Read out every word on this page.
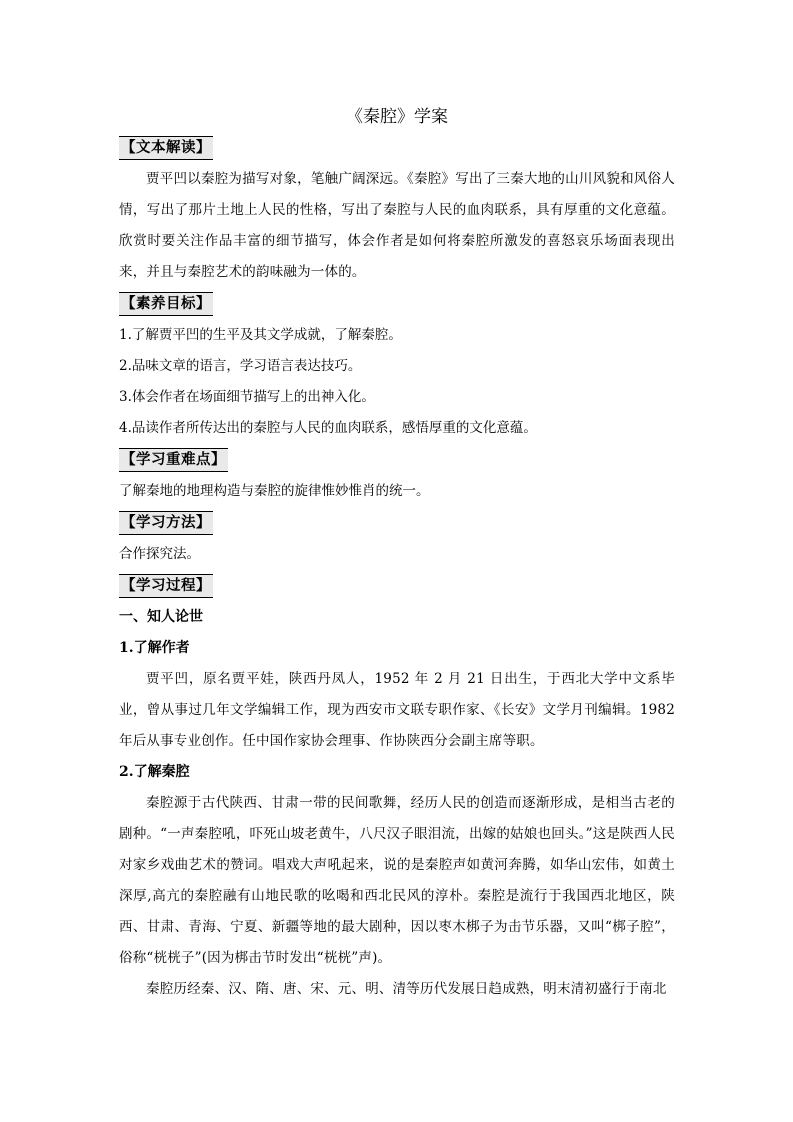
《秦腔》学案
【文本解读】

贾平凹以秦腔为描写对象，笔触广阔深远。《秦腔》写出了三秦大地的山川风貌和风俗人情，写出了那片土地上人民的性格，写出了秦腔与人民的血肉联系，具有厚重的文化意蕴。欣赏时要关注作品丰富的细节描写，体会作者是如何将秦腔所激发的喜怒哀乐场面表现出来，并且与秦腔艺术的韵味融为一体的。

【素养目标】

1.了解贾平凹的生平及其文学成就，了解秦腔。

2.品味文章的语言，学习语言表达技巧。

3.体会作者在场面细节描写上的出神入化。

4.品读作者所传达出的秦腔与人民的血肉联系，感悟厚重的文化意蕴。

【学习重难点】

了解秦地的地理构造与秦腔的旋律惟妙惟肖的统一。

【学习方法】

合作探究法。

【学习过程】

一、知人论世

1.了解作者

贾平凹，原名贾平娃，陕西丹凤人，1952 年 2 月 21 日出生，于西北大学中文系毕业，曾从事过几年文学编辑工作，现为西安市文联专职作家、《长安》文学月刊编辑。1982 年后从事专业创作。任中国作家协会理事、作协陕西分会副主席等职。

2.了解秦腔

秦腔源于古代陕西、甘肃一带的民间歌舞，经历人民的创造而逐渐形成，是相当古老的剧种。“一声秦腔吼，吓死山坡老黄牛，八尺汉子眼泪流，出嫁的姑娘也回头。”这是陕西人民对家乡戏曲艺术的赞词。唱戏大声吼起来，说的是秦腔声如黄河奔腾，如华山宏伟，如黄土深厚,高亢的秦腔融有山地民歌的吆喝和西北民风的淳朴。秦腔是流行于我国西北地区，陕西、甘肃、青海、宁夏、新疆等地的最大剧种，因以枣木梆子为击节乐器，又叫“梆子腔”，俗称“桄桄子”(因为梆击节时发出“桄桄”声)。

秦腔历经秦、汉、隋、唐、宋、元、明、清等历代发展日趋成熟，明末清初盛行于南北
